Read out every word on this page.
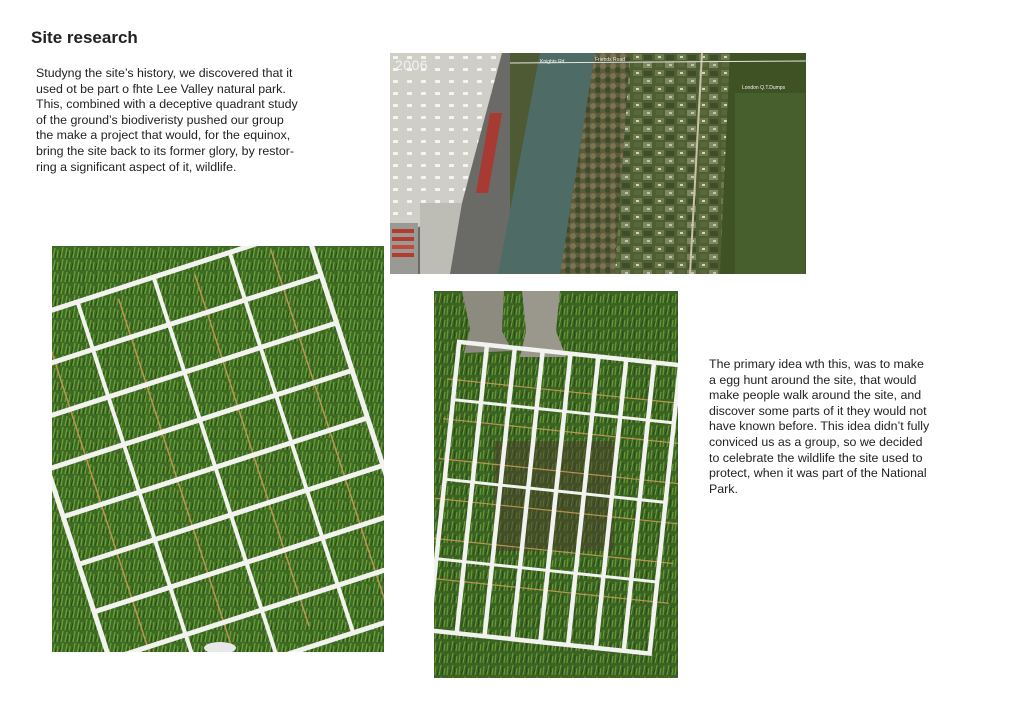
Site research

Studyng the site’s history, we discovered that it
used ot be part o fhte Lee Valley natural park.
This, combined with a deceptive quadrant study
of the ground’s biodiveristy pushed our group
the make a project that would, for the equinox,
bring the site back to its former glory, by restor-
ring a significant aspect of it, wildlife.

2006	Knights Rd	Friends Road
London Q.T.Dumps

The primary idea wth this, was to make
a egg hunt around the site, that would
make people walk around the site, and
discover some parts of it they would not
have known before. This idea didn’t fully
conviced us as a group, so we decided
to celebrate the wildlife the site used to
protect, when it was part of the National
Park.
